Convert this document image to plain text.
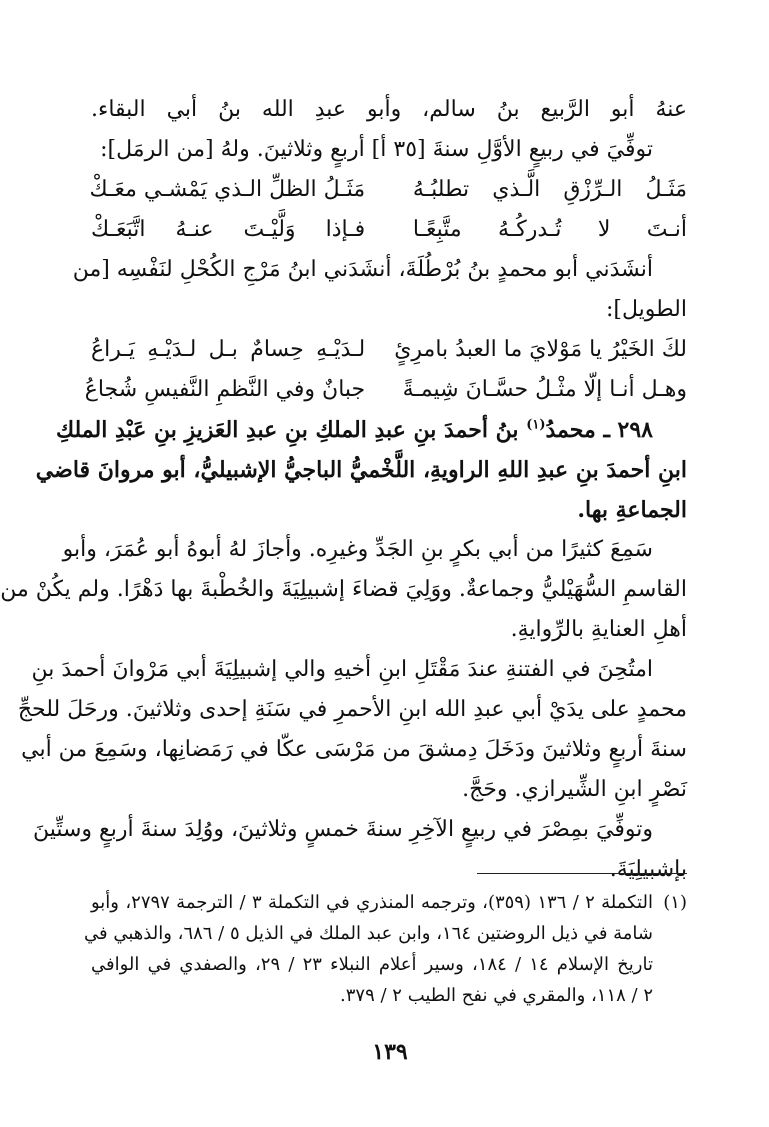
عنهُ أبو الرَّبيع بنُ سالم، وأبو عبدِ الله بنُ أبي البقاء.
توفِّيَ في ربيعٍ الأوَّلِ سنةَ [٣٥ أ] أربعٍ وثلاثينَ. ولهُ [من الرمَل]:
مَثَـلُ الـرِّزْقِ الَّـذي تطلبُـهُ
مَثَـلُ الظلِّ الـذي يَمْشـي معَـكْ
أنـتَ لا تُـدركُـهُ متَّبِعًـا
فـإذا وَلَّيْـتَ عنـهُ اتَّبَعَـكْ
أنشَدَني أبو محمدٍ بنُ بُرْطُلَةَ، أنشَدَني ابنُ مَرْجِ الكُحْلِ لنَفْسِه [من
الطويل]:
لكَ الخَيْرُ يا مَوْلايَ ما العبدُ بامرِئٍ
لـدَيْـهِ حِسامٌ بـل لـدَيْـهِ يَـراعُ
وهـل أنـا إلّا مثْـلُ حسَّـانَ شِيمـةً
جبانٌ وفي النَّظمِ النَّفيسِ شُجاعُ
٢٩٨ ـ محمدُ$^{(١)}$ بنُ أحمدَ بنِ عبدِ الملكِ بنِ عبدِ العَزيزِ بنِ عَبْدِ الملكِ
ابنِ أحمدَ بنِ عبدِ اللهِ الراويةِ، اللَّخْميُّ الباجيُّ الإشبيليُّ، أبو مروانَ قاضي
الجماعةِ بها.
سَمِعَ كثيرًا من أبي بكرٍ بنِ الجَدِّ وغيرِه. وأجازَ لهُ أبوهُ أبو عُمَرَ، وأبو
القاسمِ السُّهَيْليُّ وجماعةٌ. ووَلِيَ قضاءَ إشبيلِيَةَ والخُطْبةَ بها دَهْرًا. ولم يكُنْ من
أهلِ العنايةِ بالرِّوايةِ.
امتُحِنَ في الفتنةِ عندَ مَقْتَلِ ابنِ أخيهِ والي إشبيلِيَةَ أبي مَرْوانَ أحمدَ بنِ
محمدٍ على يدَيْ أبي عبدِ الله ابنِ الأحمرِ في سَنَةِ إحدى وثلاثينَ. ورحَلَ للحجِّ
سنةَ أربعٍ وثلاثينَ ودَخَلَ دِمشقَ من مَرْسَى عكّا في رَمَضانِها، وسَمِعَ من أبي
نَصْرٍ ابنِ الشِّيرازي. وحَجَّ.
وتوفِّيَ بمِصْرَ في ربيعٍ الآخِرِ سنةَ خمسٍ وثلاثينَ، ووُلِدَ سنةَ أربعٍ وستِّينَ
بإشبيلِيَةَ.
(١)التكملة ٢ / ١٣٦ (٣٥٩)، وترجمه المنذري في التكملة ٣ / الترجمة ٢٧٩٧، وأبو
شامة في ذيل الروضتين ١٦٤، وابن عبد الملك في الذيل ٥ / ٦٨٦، والذهبي في
تاريخ الإسلام ١٤ / ١٨٤، وسير أعلام النبلاء ٢٣ / ٢٩، والصفدي في الوافي
٢ / ١١٨، والمقري في نفح الطيب ٢ / ٣٧٩.
١٣٩
